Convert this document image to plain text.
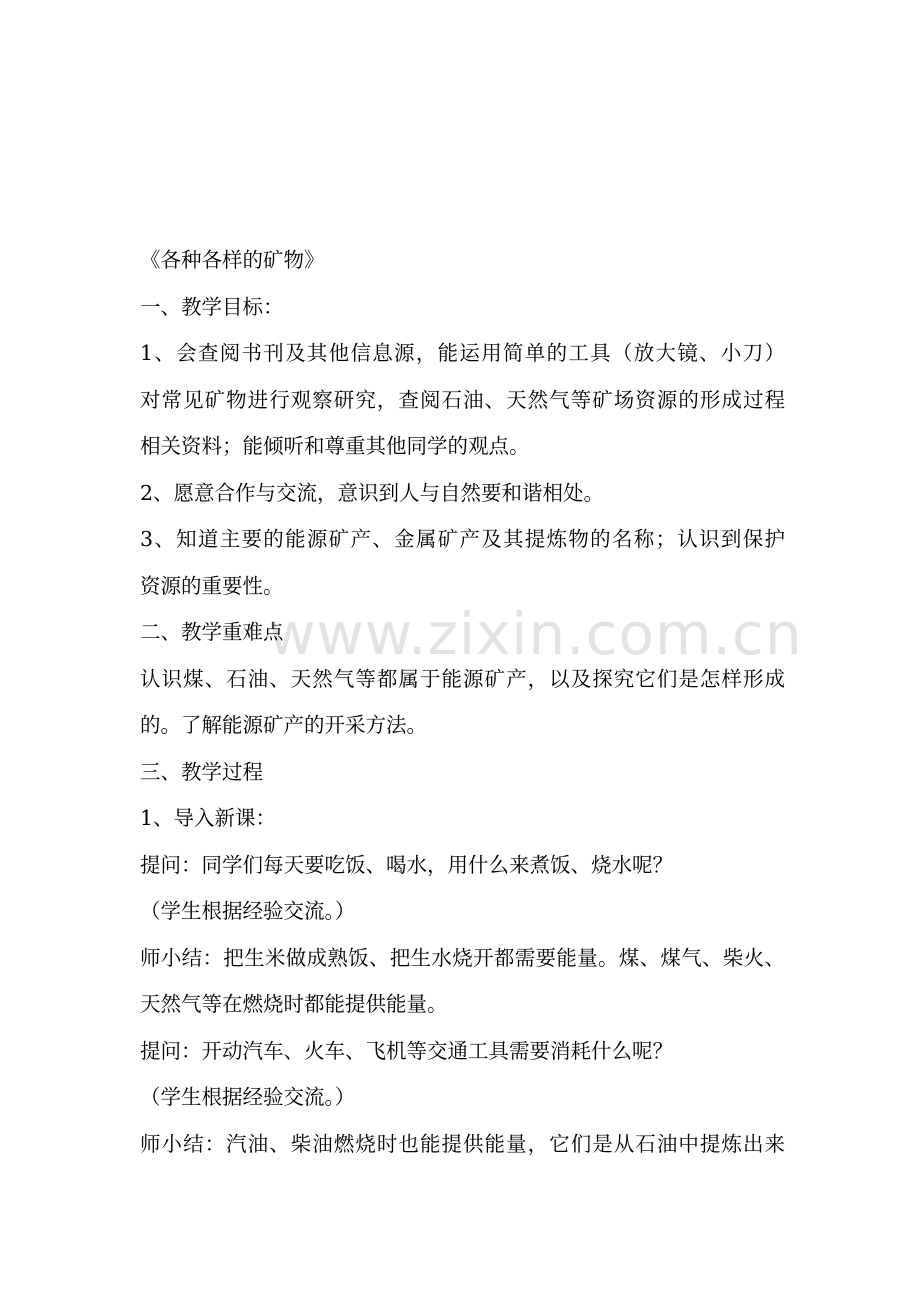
www.zixin.com.cn
《各种各样的矿物》
一、教学目标：
1、会查阅书刊及其他信息源，能运用简单的工具（放大镜、小刀）
对常见矿物进行观察研究，查阅石油、天然气等矿场资源的形成过程
相关资料；能倾听和尊重其他同学的观点。
2、愿意合作与交流，意识到人与自然要和谐相处。
3、知道主要的能源矿产、金属矿产及其提炼物的名称；认识到保护
资源的重要性。
二、教学重难点
认识煤、石油、天然气等都属于能源矿产，以及探究它们是怎样形成
的。了解能源矿产的开采方法。
三、教学过程
1、导入新课：
提问：同学们每天要吃饭、喝水，用什么来煮饭、烧水呢？
（学生根据经验交流。）
师小结：把生米做成熟饭、把生水烧开都需要能量。煤、煤气、柴火、
天然气等在燃烧时都能提供能量。
提问：开动汽车、火车、飞机等交通工具需要消耗什么呢？
（学生根据经验交流。）
师小结：汽油、柴油燃烧时也能提供能量，它们是从石油中提炼出来
